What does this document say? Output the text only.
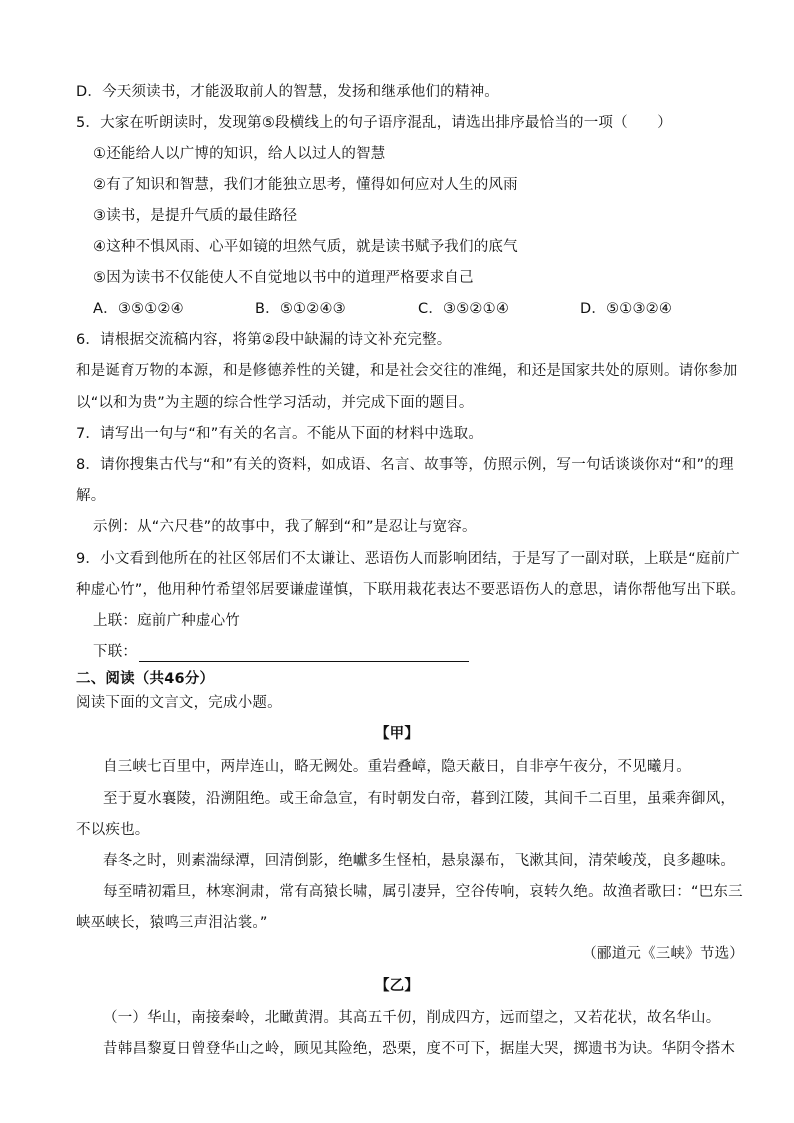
D．今天须读书，才能汲取前人的智慧，发扬和继承他们的精神。
5．大家在听朗读时，发现第⑤段横线上的句子语序混乱，请选出排序最恰当的一项（　　）
①还能给人以广博的知识，给人以过人的智慧
②有了知识和智慧，我们才能独立思考，懂得如何应对人生的风雨
③读书，是提升气质的最佳路径
④这种不惧风雨、心平如镜的坦然气质，就是读书赋予我们的底气
⑤因为读书不仅能使人不自觉地以书中的道理严格要求自己
A．③⑤①②④	B．⑤①②④③	C．③⑤②①④	D．⑤①③②④
6．请根据交流稿内容，将第②段中缺漏的诗文补充完整。
和是诞育万物的本源，和是修德养性的关键，和是社会交往的准绳，和还是国家共处的原则。请你参加
以“以和为贵”为主题的综合性学习活动，并完成下面的题目。
7．请写出一句与“和”有关的名言。不能从下面的材料中选取。
8．请你搜集古代与“和”有关的资料，如成语、名言、故事等，仿照示例，写一句话谈谈你对“和”的理
解。
示例：从“六尺巷”的故事中，我了解到“和”是忍让与宽容。
9．小文看到他所在的社区邻居们不太谦让、恶语伤人而影响团结，于是写了一副对联，上联是“庭前广
种虚心竹”，他用种竹希望邻居要谦虚谨慎，下联用栽花表达不要恶语伤人的意思，请你帮他写出下联。
上联：庭前广种虚心竹
下联：
二、阅读（共46分）
阅读下面的文言文，完成小题。
【甲】
自三峡七百里中，两岸连山，略无阙处。重岩叠嶂，隐天蔽日，自非亭午夜分，不见曦月。
至于夏水襄陵，沿溯阻绝。或王命急宣，有时朝发白帝，暮到江陵，其间千二百里，虽乘奔御风，
不以疾也。
春冬之时，则素湍绿潭，回清倒影，绝巘多生怪柏，悬泉瀑布，飞漱其间，清荣峻茂，良多趣味。
每至晴初霜旦，林寒涧肃，常有高猿长啸，属引凄异，空谷传响，哀转久绝。故渔者歌曰：“巴东三
峡巫峡长，猿鸣三声泪沾裳。”
（郦道元《三峡》节选）
【乙】
（一）华山，南接秦岭，北瞰黄渭。其高五千仞，削成四方，远而望之，又若花状，故名华山。
昔韩昌黎夏日曾登华山之岭，顾见其险绝，恐栗，度不可下，据崖大哭，掷遗书为诀。华阴令搭木
